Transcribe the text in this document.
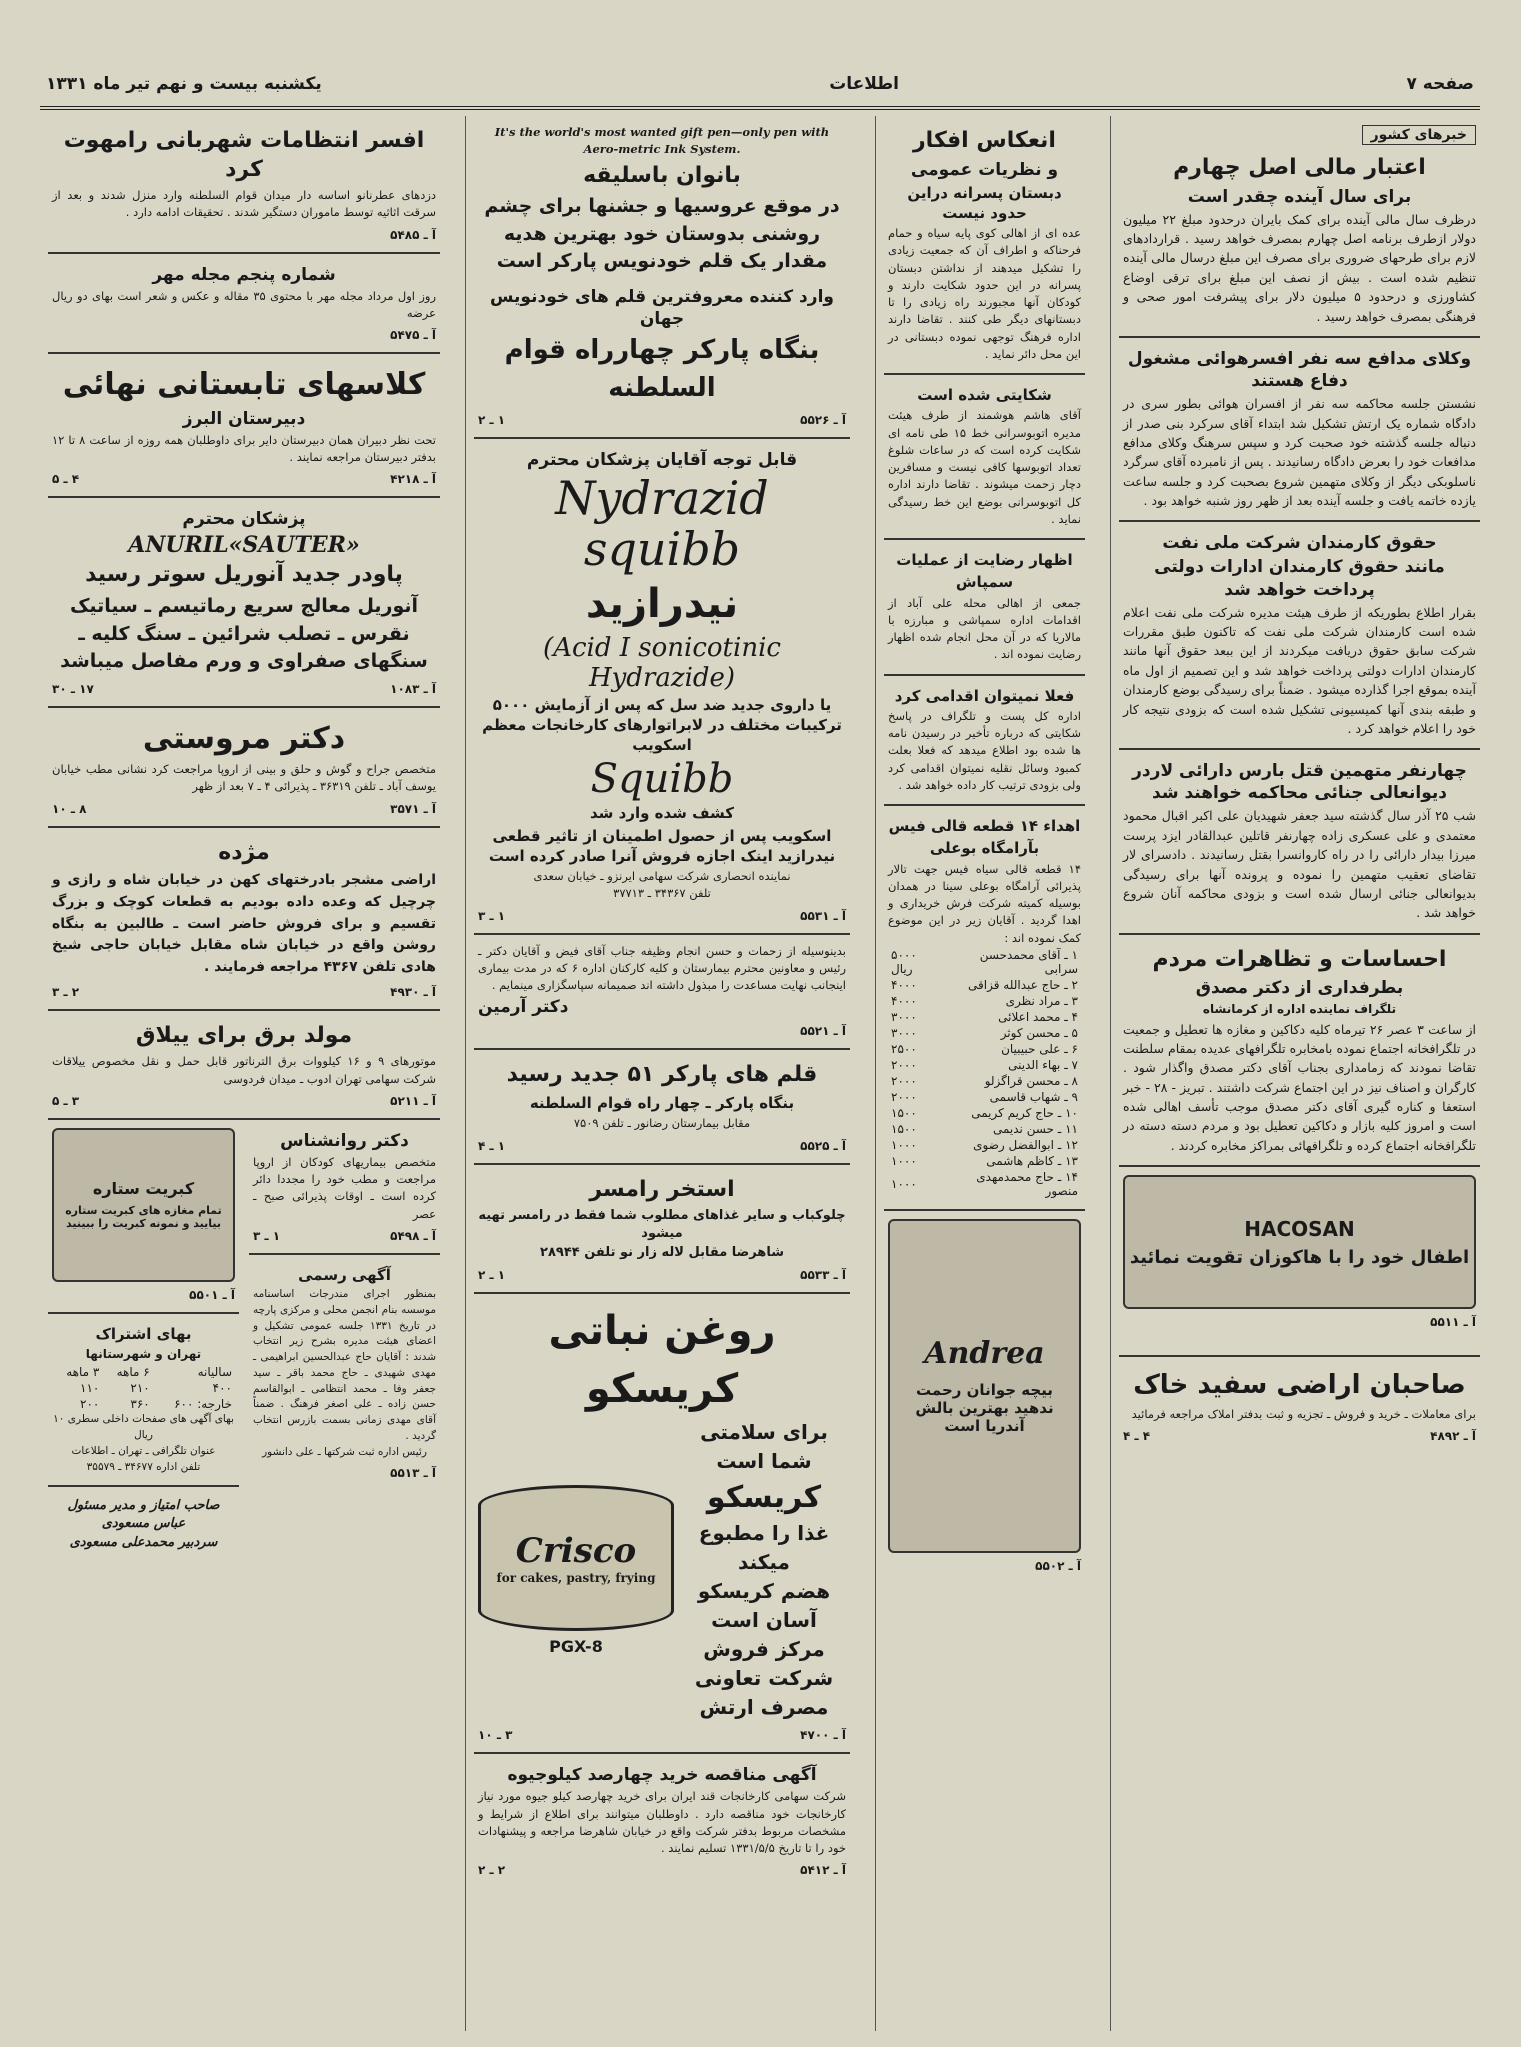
صفحه ۷
اطلاعات
یکشنبه بیست و نهم تیر ماه ۱۳۳۱
خبرهای کشور
اعتبار مالی اصل چهارم
برای سال آینده چقدر است
درظرف سال مالی آینده برای کمک بایران درحدود مبلغ ۲۲ میلیون دولار ازطرف برنامه اصل چهارم بمصرف خواهد رسید . قراردادهای لازم برای طرحهای ضروری برای مصرف این مبلغ درسال مالی آینده تنظیم شده است . بیش از نصف این مبلغ برای ترقی اوضاع کشاورزی و درحدود ۵ میلیون دلار برای پیشرفت امور صحی و فرهنگی بمصرف خواهد رسید .
وکلای مدافع سه نفر افسرهوائی مشغول دفاع هستند
نشستن جلسه محاکمه سه نفر از افسران هوائی بطور سری در دادگاه شماره یک ارتش تشکیل شد ابتداء آقای سرکرد بنی صدر از دنباله جلسه گذشته خود صحبت کرد و سپس سرهنگ وکلای مدافع مدافعات خود را بعرض دادگاه رسانیدند . پس از نامبرده آقای سرگرد ناسلوبکی دیگر از وکلای متهمین شروع بصحبت کرد و جلسه ساعت یازده خاتمه یافت و جلسه آینده بعد از ظهر روز شنبه خواهد بود .
حقوق کارمندان شرکت ملی نفت
مانند حقوق کارمندان ادارات دولتی پرداخت خواهد شد
بقرار اطلاع بطوریکه از طرف هیئت مدیره شرکت ملی نفت اعلام شده است کارمندان شرکت ملی نفت که تاکنون طبق مقررات شرکت سابق حقوق دریافت میکردند از این ببعد حقوق آنها مانند کارمندان ادارات دولتی پرداخت خواهد شد و این تصمیم از اول ماه آینده بموقع اجرا گذارده میشود . ضمناً برای رسیدگی بوضع کارمندان و طبقه بندی آنها کمیسیونی تشکیل شده است که بزودی نتیجه کار خود را اعلام خواهد کرد .
چهارنفر متهمین قتل بارس دارائی لاردر دیوانعالی جنائی محاکمه خواهند شد
شب ۲۵ آذر سال گذشته سید جعفر شهیدیان علی اکبر اقبال محمود معتمدی و علی عسکری زاده چهارنفر قاتلین عبدالقادر ایزد پرست میرزا بیدار دارائی را در راه کاروانسرا بقتل رسانیدند . دادسرای لار تقاضای تعقیب متهمین را نموده و پرونده آنها برای رسیدگی بدیوانعالی جنائی ارسال شده است و بزودی محاکمه آنان شروع خواهد شد .
احساسات و تظاهرات مردم
بطرفداری از دکتر مصدق
تلگراف نماینده اداره از کرمانشاه
از ساعت ۳ عصر ۲۶ تیرماه کلیه دکاکین و مغازه ها تعطیل و جمعیت در تلگرافخانه اجتماع نموده بامخابره تلگرافهای عدیده بمقام سلطنت تقاضا نمودند که زمامداری بجناب آقای دکتر مصدق واگذار شود . کارگران و اصناف نیز در این اجتماع شرکت داشتند . تبریز - ۲۸ - خبر استعفا و کناره گیری آقای دکتر مصدق موجب تأسف اهالی شده است و امروز کلیه بازار و دکاکین تعطیل بود و مردم دسته دسته در تلگرافخانه اجتماع کرده و تلگرافهائی بمراکز مخابره کردند .
HACOSAN
اطفال خود را با هاکوزان تقویت نمائید
آ ـ ۵۵۱۱
صاحبان اراضی سفید خاک
برای معاملات ـ خرید و فروش ـ تجزیه و ثبت بدفتر املاک مراجعه فرمائید
آ ـ ۴۸۹۲
۴ ـ ۴
انعکاس افکار
و نظریات عمومی
دبستان پسرانه دراین حدود نیست
عده ای از اهالی کوی پایه سیاه و حمام فرحناکه و اطراف آن که جمعیت زیادی را تشکیل میدهند از نداشتن دبستان پسرانه در این حدود شکایت دارند و کودکان آنها مجبورند راه زیادی را تا دبستانهای دیگر طی کنند . تقاضا دارند اداره فرهنگ توجهی نموده دبستانی در این محل دائر نماید .
شکایتی شده است
آقای هاشم هوشمند از طرف هیئت مدیره اتوبوسرانی خط ۱۵ طی نامه ای شکایت کرده است که در ساعات شلوغ تعداد اتوبوسها کافی نیست و مسافرین دچار زحمت میشوند . تقاضا دارند اداره کل اتوبوسرانی بوضع این خط رسیدگی نماید .
اظهار رضایت از عملیات
سمپاش
جمعی از اهالی محله علی آباد از اقدامات اداره سمپاشی و مبارزه با مالاریا که در آن محل انجام شده اظهار رضایت نموده اند .
فعلا نمیتوان اقدامی کرد
اداره کل پست و تلگراف در پاسخ شکایتی که درباره تأخیر در رسیدن نامه ها شده بود اطلاع میدهد که فعلا بعلت کمبود وسائل نقلیه نمیتوان اقدامی کرد ولی بزودی ترتیب کار داده خواهد شد .
اهداء ۱۴ قطعه قالی فیس
بآرامگاه بوعلی
۱۴ قطعه قالی سیاه فیس جهت تالار پذیرائی آرامگاه بوعلی سینا در همدان بوسیله کمیته شرکت فرش خریداری و اهدا گردید . آقایان زیر در این موضوع کمک نموده اند :
۱ ـ آقای محمدحسن سرابی	۵۰۰۰ ریال
۲ ـ حاج عبدالله قزاقی	۴۰۰۰
۳ ـ مراد نظری	۴۰۰۰
۴ ـ محمد اعلائی	۳۰۰۰
۵ ـ محسن کوثر	۳۰۰۰
۶ ـ علی حبیبیان	۲۵۰۰
۷ ـ بهاء الدینی	۲۰۰۰
۸ ـ محسن قراگزلو	۲۰۰۰
۹ ـ شهاب قاسمی	۲۰۰۰
۱۰ ـ حاج کریم کریمی	۱۵۰۰
۱۱ ـ حسن ندیمی	۱۵۰۰
۱۲ ـ ابوالفضل رضوی	۱۰۰۰
۱۳ ـ کاظم هاشمی	۱۰۰۰
۱۴ ـ حاج محمدمهدی منصور	۱۰۰۰
Andrea
بیچه جوانان رحمت ندهید بهترین بالش آندریا است
آ ـ ۵۵۰۲
It's the world's most wanted gift pen—only pen with Aero-metric Ink System.
بانوان باسلیقه
در موقع عروسیها و جشنها برای چشم روشنی بدوستان خود بهترین هدیه مقدار یک قلم خودنویس پارکر است
وارد کننده معروفترین قلم های خودنویس جهان
بنگاه پارکر چهارراه قوام السلطنه
آ ـ ۵۵۲۶
۱ ـ ۲
قابل توجه آقایان پزشکان محترم
Nydrazid squibb
نیدرازید
(Acid I sonicotinic Hydrazide)
یا داروی جدید ضد سل که پس از آزمایش ۵۰۰۰ ترکیبات مختلف در لابراتوارهای کارخانجات معظم اسکویب
Squibb
کشف شده وارد شد
اسکویب پس از حصول اطمینان از تاثیر قطعی نیدرازید اینک اجازه فروش آنرا صادر کرده است
نماینده انحصاری شرکت سهامی ایرنزو ـ خیابان سعدی
تلفن ۳۴۳۶۷ ـ ۳۷۷۱۳
آ ـ ۵۵۳۱
۱ ـ ۳
بدینوسیله از زحمات و حسن انجام وظیفه جناب آقای فیض و آقایان دکتر ـ رئیس و معاونین محترم بیمارستان و کلیه کارکنان اداره ۶ که در مدت بیماری اینجانب نهایت مساعدت را مبذول داشته اند صمیمانه سپاسگزاری مینمایم .
دکتر آرمین
آ ـ ۵۵۲۱
قلم های پارکر ۵۱ جدید رسید
بنگاه پارکر ـ چهار راه قوام السلطنه
مقابل بیمارستان رضانور ـ تلفن ۷۵۰۹
آ ـ ۵۵۲۵
۱ ـ ۴
استخر رامسر
چلوکباب و سایر غذاهای مطلوب شما فقط در رامسر تهیه میشود
شاهرضا مقابل لاله زار نو تلفن ۲۸۹۴۴
آ ـ ۵۵۳۳
۱ ـ ۲
روغن نباتی کریسکو
Crisco
for cakes, pastry, frying
PGX-8
برای سلامتی شما است
کریسکو
غذا را مطبوع میکند
هضم کریسکو آسان است
مرکز فروش
شرکت تعاونی مصرف ارتش
آ ـ ۴۷۰۰
۳ ـ ۱۰
آگهی مناقصه خرید چهارصد کیلوجیوه
شرکت سهامی کارخانجات قند ایران برای خرید چهارصد کیلو جیوه مورد نیاز کارخانجات خود مناقصه دارد . داوطلبان میتوانند برای اطلاع از شرایط و مشخصات مربوط بدفتر شرکت واقع در خیابان شاهرضا مراجعه و پیشنهادات خود را تا تاریخ ۱۳۳۱/۵/۵ تسلیم نمایند .
آ ـ ۵۴۱۲
۲ ـ ۲
افسر انتظامات شهربانی رامهوت کرد
دزدهای عطرنانو اساسه دار میدان قوام السلطنه وارد منزل شدند و بعد از سرقت اثاثیه توسط ماموران دستگیر شدند . تحقیقات ادامه دارد .
آ ـ ۵۴۸۵
شماره پنجم مجله مهر
روز اول مرداد مجله مهر با محتوی ۳۵ مقاله و عکس و شعر است بهای دو ریال عرضه
آ ـ ۵۴۷۵
کلاسهای تابستانی نهائی
دبیرستان البرز
تحت نظر دبیران همان دبیرستان دایر برای داوطلبان همه روزه از ساعت ۸ تا ۱۲ بدفتر دبیرستان مراجعه نمایند .
آ ـ ۴۲۱۸
۴ ـ ۵
پزشکان محترم
ANURIL«SAUTER»
پاودر جدید آنوریل سوتر رسید
آنوریل معالج سریع رماتیسم ـ سیاتیک نقرس ـ تصلب شرائین ـ سنگ کلیه ـ سنگهای صفراوی و ورم مفاصل میباشد
آ ـ ۱۰۸۳
۱۷ ـ ۳۰
دکتر مروستی
متخصص جراح و گوش و حلق و بینی از اروپا مراجعت کرد نشانی مطب خیابان یوسف آباد ـ تلفن ۳۶۳۱۹ ـ پذیرائی ۴ ـ ۷ بعد از ظهر
آ ـ ۳۵۷۱
۸ ـ ۱۰
مژده
اراضی مشجر بادرختهای کهن در خیابان شاه و رازی و چرچیل که وعده داده بودیم به قطعات کوچک و بزرگ تقسیم و برای فروش حاضر است ـ طالبین به بنگاه روشن واقع در خیابان شاه مقابل خیابان حاجی شیخ هادی تلفن ۴۳۶۷ مراجعه فرمایند .
آ ـ ۴۹۳۰
۲ ـ ۳
مولد برق برای ییلاق
موتورهای ۹ و ۱۶ کیلووات برق الترناتور قابل حمل و نقل مخصوص ییلاقات شرکت سهامی تهران ادوب ـ میدان فردوسی
آ ـ ۵۲۱۱
۳ ـ ۵
دکتر روانشناس
متخصص بیماریهای کودکان از اروپا مراجعت و مطب خود را مجددا دائر کرده است ـ اوقات پذیرائی صبح ـ عصر
آ ـ ۵۴۹۸
۱ ـ ۳
آگهی رسمی
بمنظور اجرای مندرجات اساسنامه موسسه بنام انجمن محلی و مرکزی پارچه در تاریخ ۱۳۳۱ جلسه عمومی تشکیل و اعضای هیئت مدیره بشرح زیر انتخاب شدند : آقایان حاج عبدالحسین ابراهیمی ـ مهدی شهیدی ـ حاج محمد باقر ـ سید جعفر وفا ـ محمد انتظامی ـ ابوالقاسم حسن زاده ـ علی اصغر فرهنگ . ضمناً آقای مهدی زمانی بسمت بازرس انتخاب گردید .
رئیس اداره ثبت شرکتها ـ علی دانشور
آ ـ ۵۵۱۳
کبریت ستاره
تمام مغازه های کبریت ستاره بیایید و نمونه کبریت را ببینید
آ ـ ۵۵۰۱
بهای اشتراک
تهران و شهرستانها
سالیانه	۶ ماهه	۳ ماهه
۴۰۰	۲۱۰	۱۱۰
خارجه: ۶۰۰	۳۶۰	۲۰۰
بهای آگهی های صفحات داخلی سطری ۱۰ ریال
عنوان تلگرافی ـ تهران ـ اطلاعات
تلفن اداره ۳۴۶۷۷ ـ ۳۵۵۷۹
صاحب امتیاز و مدیر مسئول عباس مسعودی
سردبیر محمدعلی مسعودی
